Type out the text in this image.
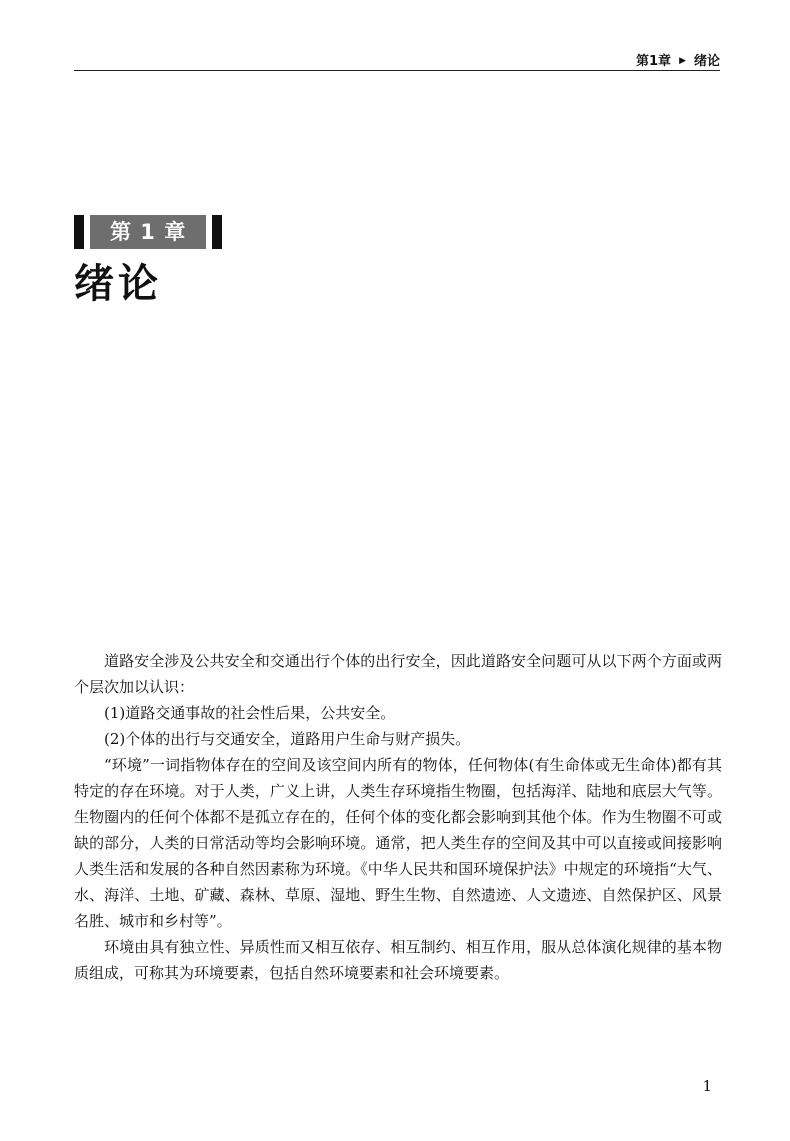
第1章 ▶ 绪论
第 1 章
绪论

道路安全涉及公共安全和交通出行个体的出行安全，因此道路安全问题可从以下两个方面或两个层次加以认识：

(1)道路交通事故的社会性后果，公共安全。

(2)个体的出行与交通安全，道路用户生命与财产损失。

“环境”一词指物体存在的空间及该空间内所有的物体，任何物体(有生命体或无生命体)都有其特定的存在环境。对于人类，广义上讲，人类生存环境指生物圈，包括海洋、陆地和底层大气等。生物圈内的任何个体都不是孤立存在的，任何个体的变化都会影响到其他个体。作为生物圈不可或缺的部分，人类的日常活动等均会影响环境。通常，把人类生存的空间及其中可以直接或间接影响人类生活和发展的各种自然因素称为环境。《中华人民共和国环境保护法》中规定的环境指“大气、水、海洋、土地、矿藏、森林、草原、湿地、野生生物、自然遗迹、人文遗迹、自然保护区、风景名胜、城市和乡村等”。

环境由具有独立性、异质性而又相互依存、相互制约、相互作用，服从总体演化规律的基本物质组成，可称其为环境要素，包括自然环境要素和社会环境要素。

1
